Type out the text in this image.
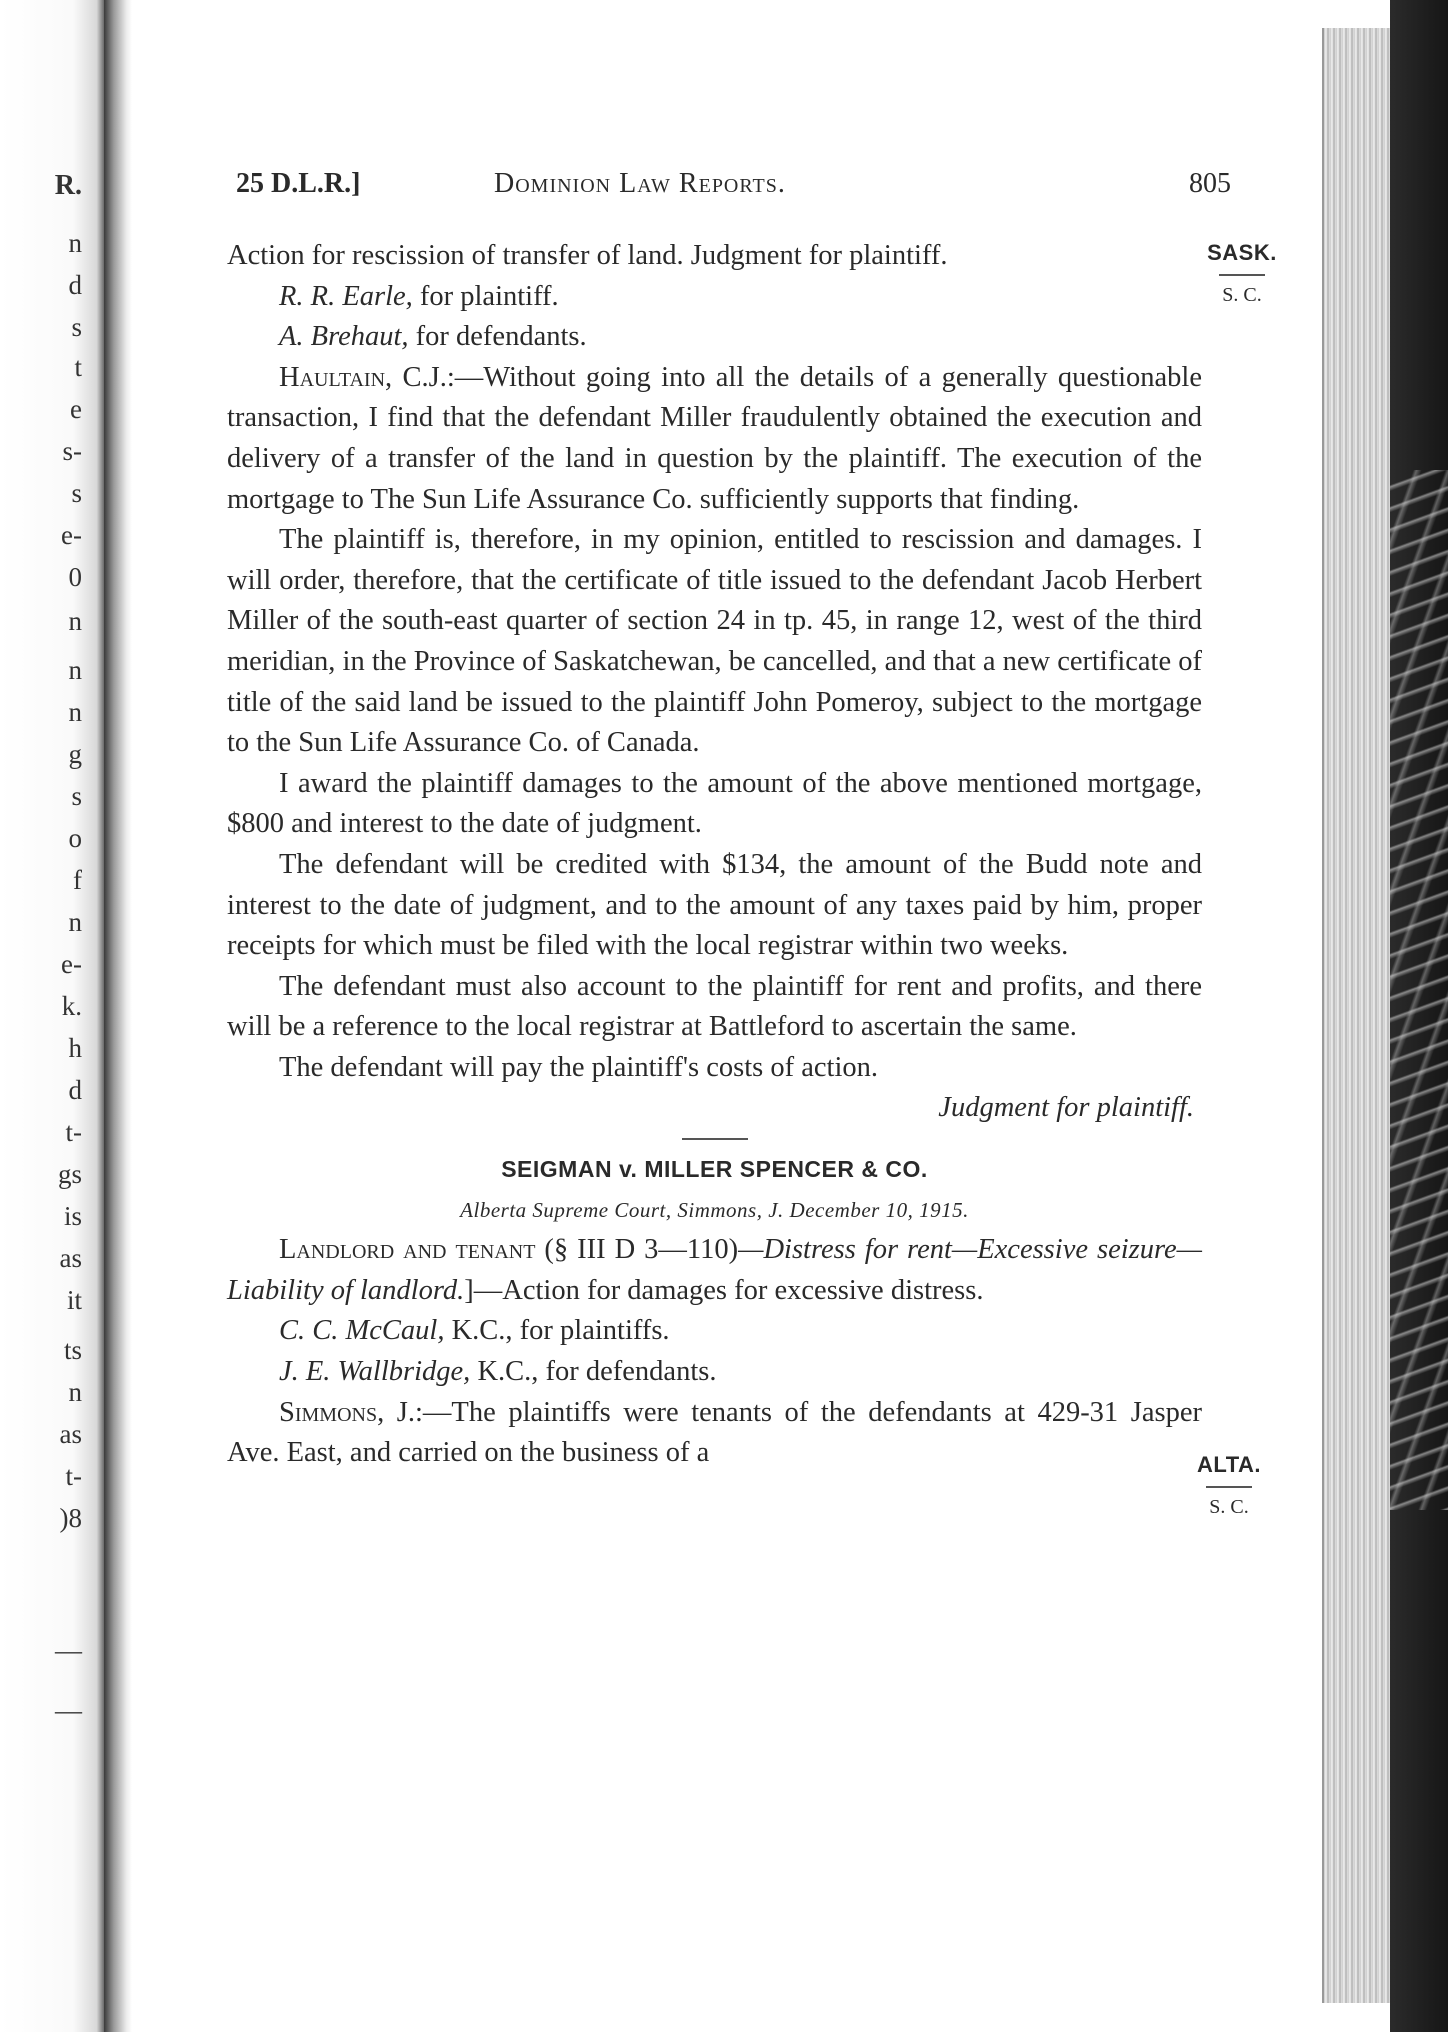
R.
n
d
s
t
e
s-
s
e-
0
n
n
n
g
s
o
f
n
e-
k.
h
d
t-
gs
is
as
it
ts
n
as
t-
)8
—
—
25 D.L.R.]	Dominion Law Reports.	805
SASK.
S. C.
ALTA.
S. C.

Action for rescission of transfer of land. Judgment for plaintiff.

R. R. Earle, for plaintiff.

A. Brehaut, for defendants.

Haultain, C.J.:—Without going into all the details of a generally questionable transaction, I find that the defendant Miller fraudulently obtained the execution and delivery of a transfer of the land in question by the plaintiff. The execution of the mortgage to The Sun Life Assurance Co. sufficiently supports that finding.

The plaintiff is, therefore, in my opinion, entitled to rescission and damages. I will order, therefore, that the certificate of title issued to the defendant Jacob Herbert Miller of the south-east quarter of section 24 in tp. 45, in range 12, west of the third meridian, in the Province of Saskatchewan, be cancelled, and that a new certificate of title of the said land be issued to the plaintiff John Pomeroy, subject to the mortgage to the Sun Life Assurance Co. of Canada.

I award the plaintiff damages to the amount of the above mentioned mortgage, $800 and interest to the date of judgment.

The defendant will be credited with $134, the amount of the Budd note and interest to the date of judgment, and to the amount of any taxes paid by him, proper receipts for which must be filed with the local registrar within two weeks.

The defendant must also account to the plaintiff for rent and profits, and there will be a reference to the local registrar at Battleford to ascertain the same.

The defendant will pay the plaintiff's costs of action.

Judgment for plaintiff.

SEIGMAN v. MILLER SPENCER & CO.

Alberta Supreme Court, Simmons, J. December 10, 1915.

Landlord and tenant (§ III D 3—110)—Distress for rent—Excessive seizure—Liability of landlord.]—Action for damages for excessive distress.

C. C. McCaul, K.C., for plaintiffs.

J. E. Wallbridge, K.C., for defendants.

Simmons, J.:—The plaintiffs were tenants of the defendants at 429-31 Jasper Ave. East, and carried on the business of a
